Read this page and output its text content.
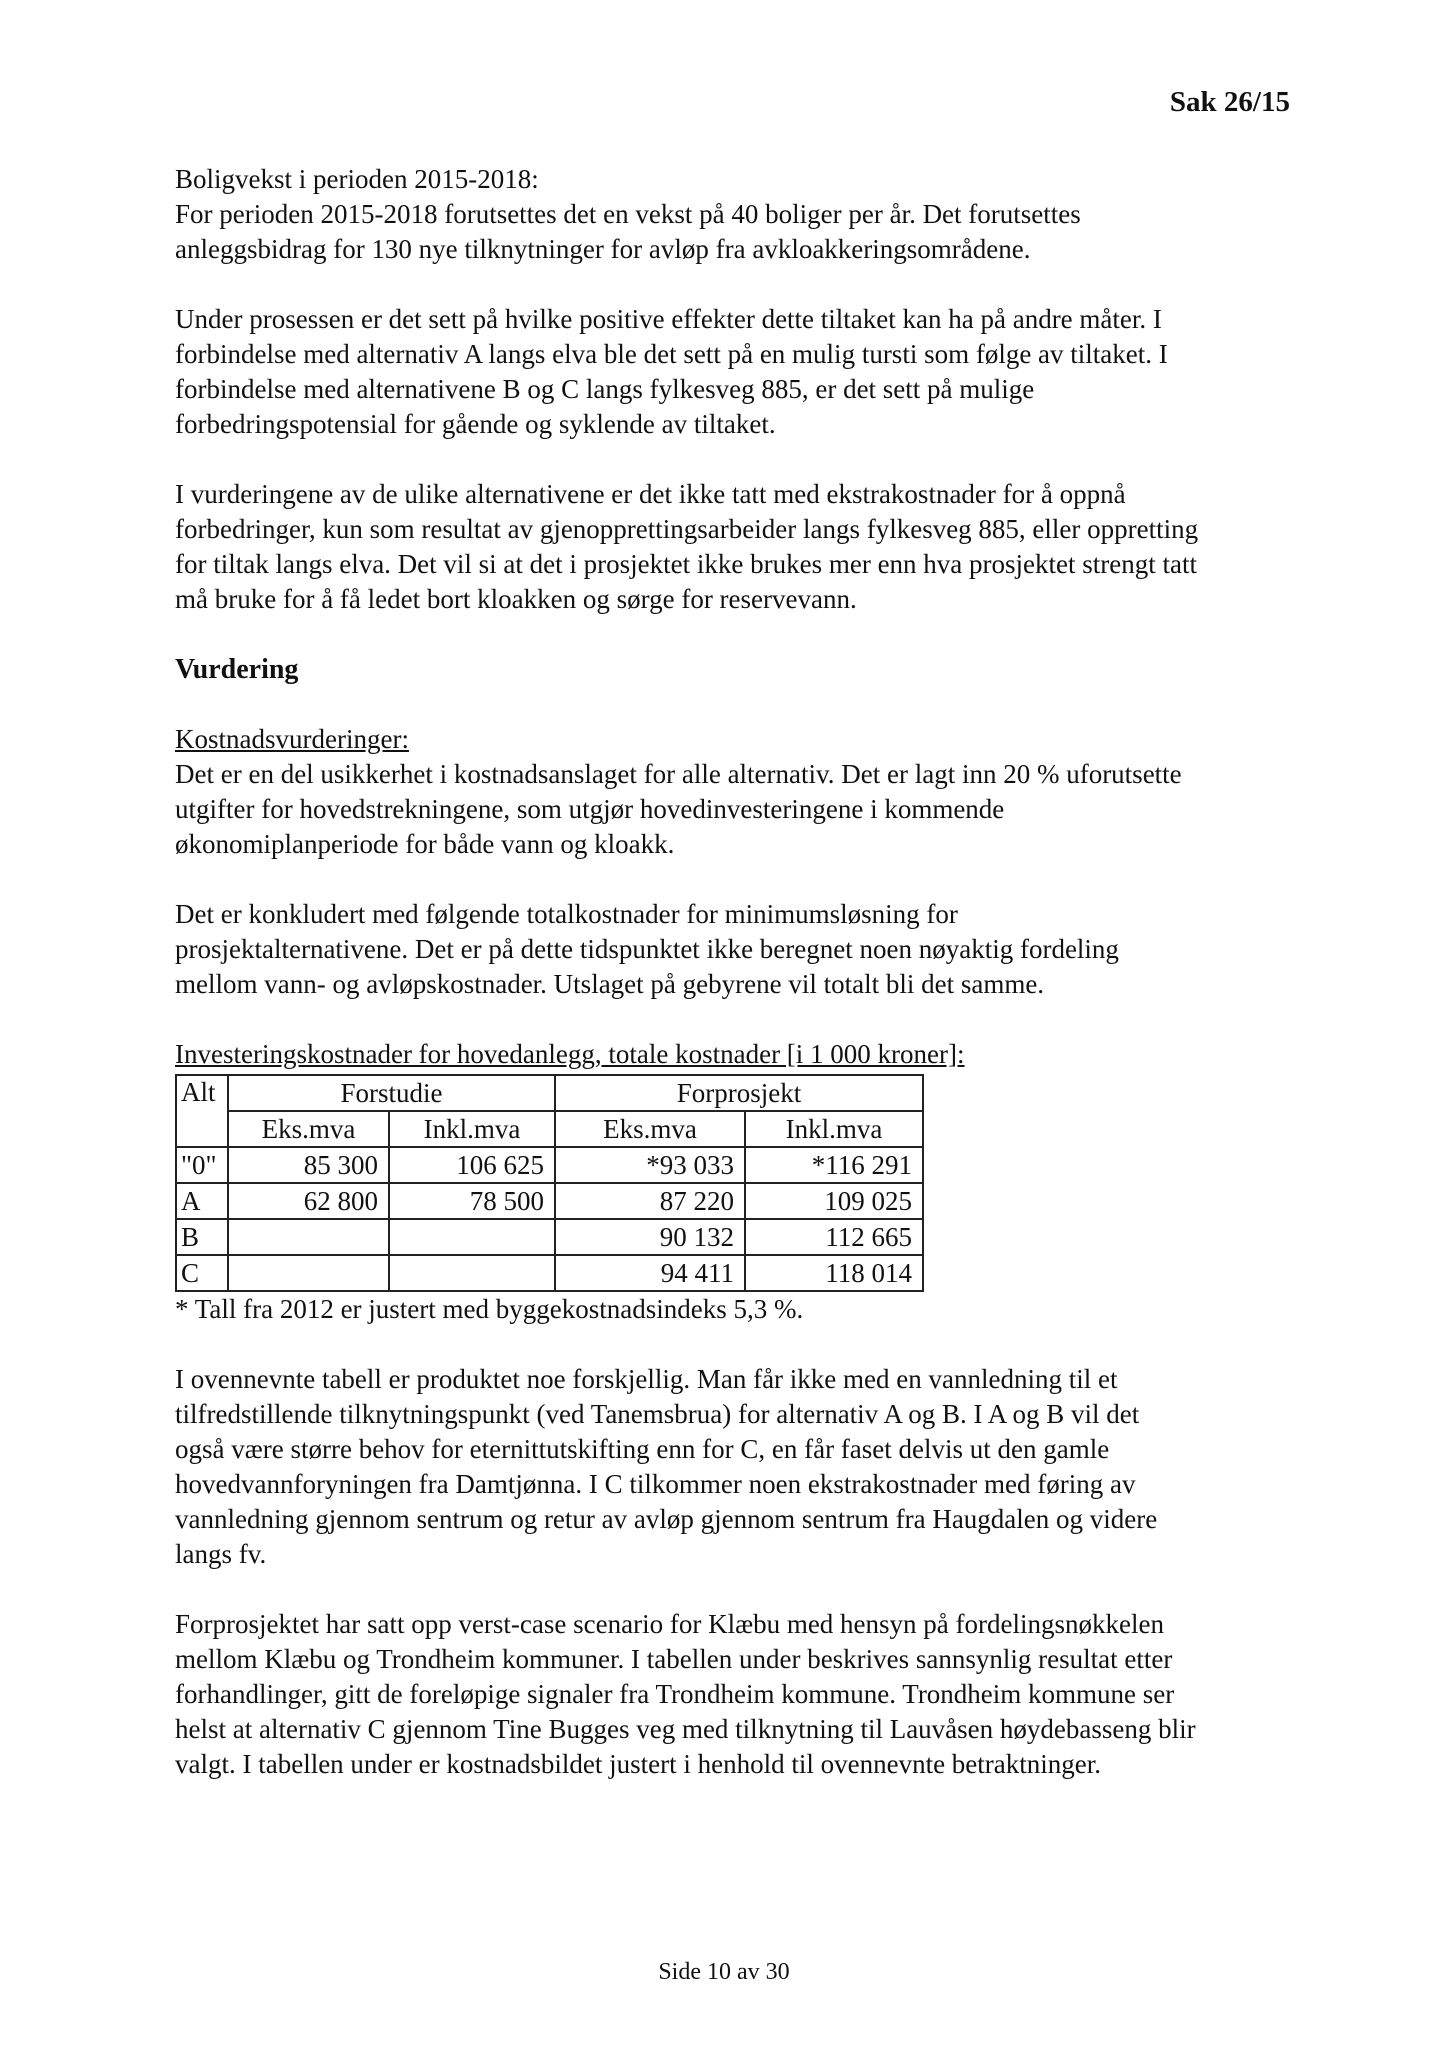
Sak 26/15

Boligvekst i perioden 2015-2018:
For perioden 2015-2018 forutsettes det en vekst på 40 boliger per år. Det forutsettes
anleggsbidrag for 130 nye tilknytninger for avløp fra avkloakkeringsområdene.

Under prosessen er det sett på hvilke positive effekter dette tiltaket kan ha på andre måter. I
forbindelse med alternativ A langs elva ble det sett på en mulig tursti som følge av tiltaket. I
forbindelse med alternativene B og C langs fylkesveg 885, er det sett på mulige
forbedringspotensial for gående og syklende av tiltaket.

I vurderingene av de ulike alternativene er det ikke tatt med ekstrakostnader for å oppnå
forbedringer, kun som resultat av gjenopprettingsarbeider langs fylkesveg 885, eller oppretting
for tiltak langs elva. Det vil si at det i prosjektet ikke brukes mer enn hva prosjektet strengt tatt
må bruke for å få ledet bort kloakken og sørge for reservevann.

Vurdering

Kostnadsvurderinger:
Det er en del usikkerhet i kostnadsanslaget for alle alternativ. Det er lagt inn 20 % uforutsette
utgifter for hovedstrekningene, som utgjør hovedinvesteringene i kommende
økonomiplanperiode for både vann og kloakk.

Det er konkludert med følgende totalkostnader for minimumsløsning for
prosjektalternativene. Det er på dette tidspunktet ikke beregnet noen nøyaktig fordeling
mellom vann- og avløpskostnader. Utslaget på gebyrene vil totalt bli det samme.

Investeringskostnader for hovedanlegg, totale kostnader [i 1 000 kroner]:
Alt	Forstudie		Forprosjekt	
	Eks.mva	Inkl.mva	Eks.mva	Inkl.mva
"0"	85 300	106 625	*93 033	*116 291
A	62 800	78 500	87 220	109 025
B			90 132	112 665
C			94 411	118 014
* Tall fra 2012 er justert med byggekostnadsindeks 5,3 %.

I ovennevnte tabell er produktet noe forskjellig. Man får ikke med en vannledning til et
tilfredstillende tilknytningspunkt (ved Tanemsbrua) for alternativ A og B. I A og B vil det
også være større behov for eternittutskifting enn for C, en får faset delvis ut den gamle
hovedvannforyningen fra Damtjønna. I C tilkommer noen ekstrakostnader med føring av
vannledning gjennom sentrum og retur av avløp gjennom sentrum fra Haugdalen og videre
langs fv.

Forprosjektet har satt opp verst-case scenario for Klæbu med hensyn på fordelingsnøkkelen
mellom Klæbu og Trondheim kommuner. I tabellen under beskrives sannsynlig resultat etter
forhandlinger, gitt de foreløpige signaler fra Trondheim kommune. Trondheim kommune ser
helst at alternativ C gjennom Tine Bugges veg med tilknytning til Lauvåsen høydebasseng blir
valgt. I tabellen under er kostnadsbildet justert i henhold til ovennevnte betraktninger.

Side 10 av 30
